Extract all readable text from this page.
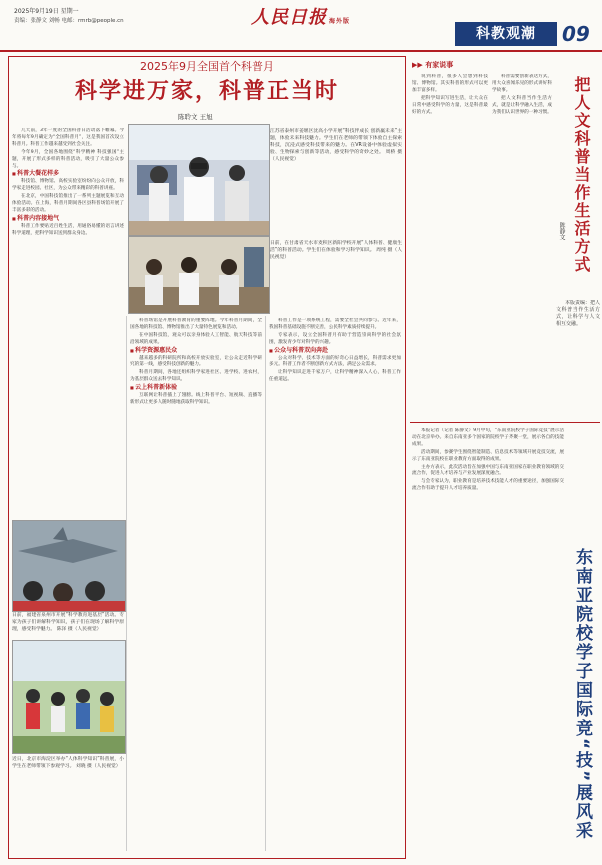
2025年9月19日 星期一
责编：张静文 刘畅 电邮：rmrb@people.cn	人民日报 海外版
科教观潮	09
2025年9月全国首个科普月
科学进万家，科普正当时
陈聆文 王旭
江苏省泰州市姜堰区沈高小学开展“科技伴成长 创新赢未来”主题，体验未来科技魅力。学生们在老师的带领下体验自主探索科技，沉浸式感受科技带来的魅力。在VR设备中体验虚拟实验、生物探索与创新等活动，感受科学的奇妙之处。 周桥 摄（人民视觉）
日前，在甘肃省天水市麦积区新阳学校开展“人体科普、健康生活”的科普活动。学生们在体验和学习科学知识。 周纯 摄（人民视觉）

几天前，3年一度的全国科普日活动落下帷幕。今年将每年9月确定为“全国科普月”，这是我国首次设立科普月。科普工作越来越受到社会关注。

今年9月，全国各地围绕“科学精神 科技强国”主题，开展了形式多样的科普活动，吸引了大量公众参与。

■ 科普大餐花样多

科技馆、博物馆、高校实验室纷纷向公众开放，科学家走进校园、社区，为公众带来精彩的科普讲座。

在北京，中国科技馆推出了一系列主题展览和互动体验活动。在上海，科普月期间各区县科普场馆开展了丰富多彩的活动。

■ 科普内容接地气

科普工作要贴近百姓生活，用通俗易懂的语言讲述科学道理，把科学知识送到群众身边。

日前，福建省泉州市开展“科学教育进基层”活动。专家为孩子们讲解科学知识，孩子们在现场了解科学原理，感受科学魅力。 陈泽 摄（人民视觉）
近日，北京市海淀区举办“人体科学知识”科普展，小学生在老师带领下参观学习。 刘晓 摄（人民视觉）

科普场馆是开展科普教育的重要阵地。今年科普月期间，全国各地的科技馆、博物馆推出了大量特色展览和活动。

在中国科技馆，观众可以亲身体验人工智能、航天科技等前沿领域的成果。

■ 科学资源惠民众

越来越多的科研院所和高校开放实验室，让公众走近科学研究的第一线，感受科技创新的魅力。

科普月期间，各地还组织科学家进社区、进学校、进农村，为基层群众送去科学知识。

■ 云上科普新体验

互联网让科普插上了翅膀。线上科普平台、短视频、直播等新形式让更多人随时随地获取科学知识。

科普工作是一项系统工程，需要全社会共同参与。近年来，我国科普基础设施不断完善，公民科学素质持续提升。

专家表示，设立全国科普月有助于营造崇尚科学的社会氛围，激发青少年对科学的兴趣。

■ 公众与科普双向奔赴

公众对科学、技术等方面的好奇心日益增长，科普需求更加多元。科普工作者不断创新方式方法，满足公众需求。

让科学知识走进千家万户，让科学精神深入人心，科普工作任重道远。

▶▶ 有家说事

说到科普，很多人会想到科技馆、博物馆。其实科普的形式可以更加丰富多样。

把科学知识写进生活，让大众在日常中感受科学的力量，这是科普最好的方式。

科普需要创新表达方式，用大众喜闻乐见的形式讲好科学故事。

把人文科普当作生活方式，就是让科学融入生活，成为我们认识世界的一种习惯。 把人文科普当作生活方式
陈静文

本版责编：把人文科普当作生活方式，让科学与人文相互交融。

本报记者（记者 陈静文）9月中旬，“东南亚院校学子国际竞技”展示活动在北京举办。来自东南亚多个国家的院校学子齐聚一堂，展示各自的技能成果。

活动期间，参赛学生围绕智能制造、信息技术等领域开展竞技交流，展示了东南亚院校在职业教育方面取得的成果。

主办方表示，此次活动旨在加强中国与东南亚国家在职业教育领域的交流合作，促进人才培养与产业发展深度融合。

与会专家认为，职业教育是培养技术技能人才的重要途径，加强国际交流合作有助于提升人才培养质量。

东南亚院校学子国际竞“技”展风采
